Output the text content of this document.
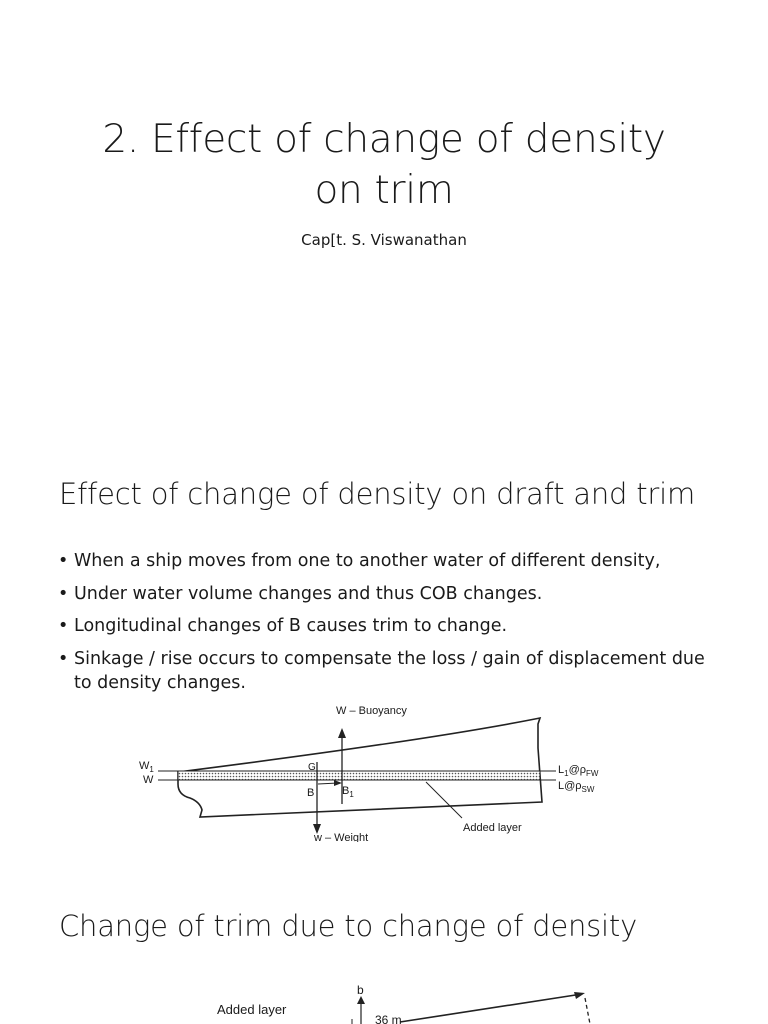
2. Effect of change of density
on trim
Cap[t. S. Viswanathan
Effect of change of density on draft and trim
• When a ship moves from one to another water of different density,
• Under water volume changes and thus COB changes.
• Longitudinal changes of B causes trim to change.
• Sinkage / rise occurs to compensate the loss / gain of displacement due to density changes.
W – Buoyancy
w – Weight
$W_1$
W
G
B	$B_1$
$L_1@\rho_{FW}$
$L@\rho_{SW}$
Added layer
Change of trim due to change of density
Added layer
b
36 m
